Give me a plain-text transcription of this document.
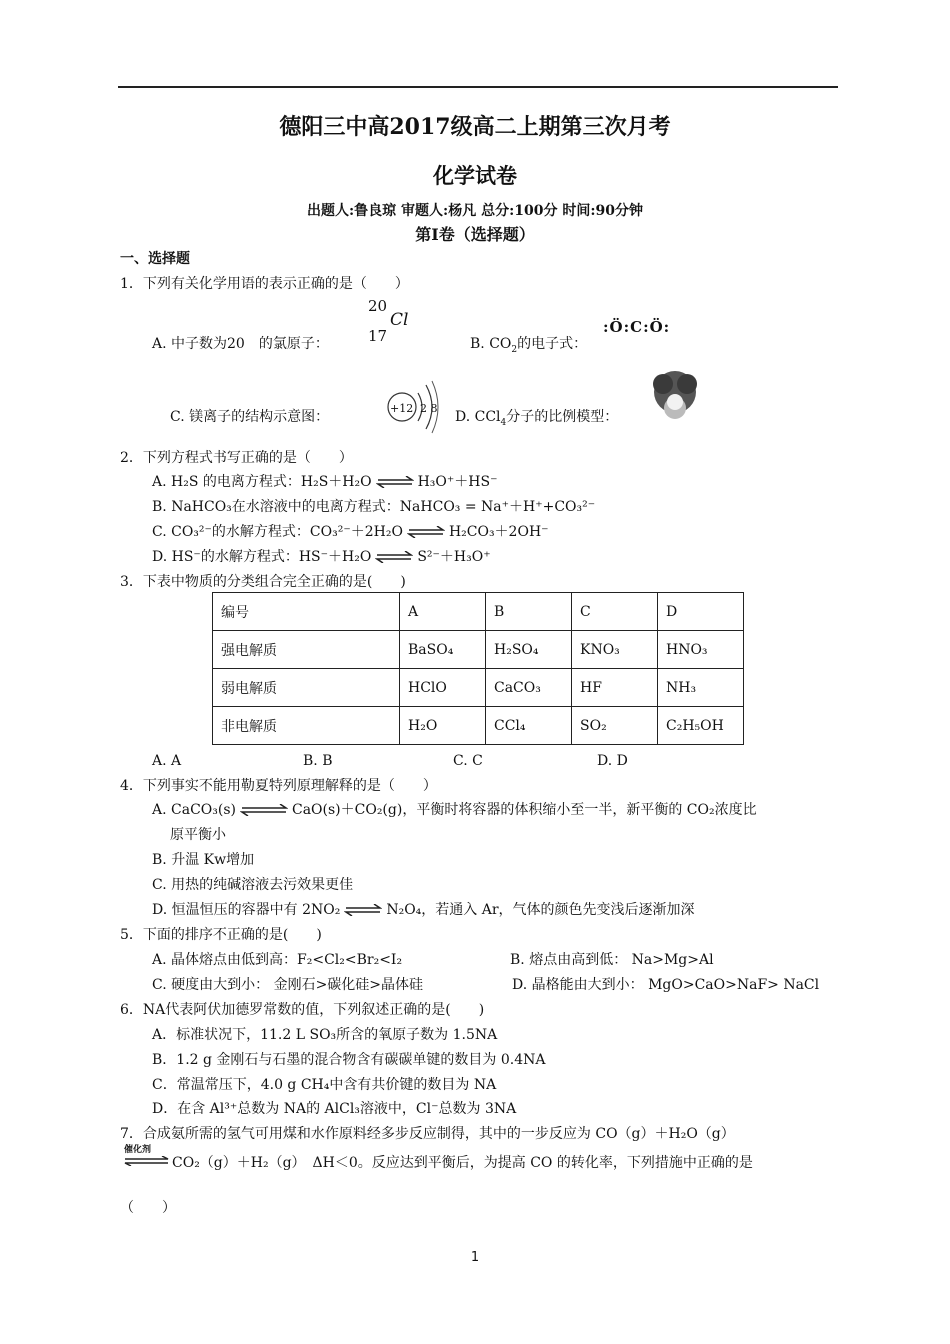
德阳三中高2017级高二上期第三次月考
化学试卷
出题人:鲁良琼 审题人:杨凡 总分:100分 时间:90分钟
第Ⅰ卷（选择题）
一、选择题
1．下列有关化学用语的表示正确的是（　　）
20
Cl
17
A. 中子数为20　的氯原子：	B. $CO_2$的电子式：
:Ö:C:Ö:
C. 镁离子的结构示意图：
+12 2 8
D. CCl$_4$分子的比例模型：
2．下列方程式书写正确的是（　　）
A. H₂S 的电离方程式：H₂S＋H₂O ⇌ H₃O⁺＋HS⁻
B. NaHCO₃在水溶液中的电离方程式：NaHCO₃ = Na⁺＋H⁺+CO₃²⁻
C. CO₃²⁻的水解方程式：CO₃²⁻＋2H₂O ⇌ H₂CO₃＋2OH⁻
D. HS⁻的水解方程式：HS⁻＋H₂O ⇌ S²⁻＋H₃O⁺
3．下表中物质的分类组合完全正确的是(　　)
编号	A	B	C	D
强电解质	BaSO₄	H₂SO₄	KNO₃	HNO₃
弱电解质	HClO	CaCO₃	HF	NH₃
非电解质	H₂O	CCl₄	SO₂	C₂H₅OH
A. A	B. B	C. C	D. D
4．下列事实不能用勒夏特列原理解释的是（　　）
A. CaCO₃(s) ⇌ CaO(s)＋CO₂(g)，平衡时将容器的体积缩小至一半，新平衡的 CO₂浓度比
原平衡小
B. 升温 Kw增加
C. 用热的纯碱溶液去污效果更佳
D. 恒温恒压的容器中有 2NO₂ ⇌ N₂O₄，若通入 Ar，气体的颜色先变浅后逐渐加深
5．下面的排序不正确的是(　　)
A. 晶体熔点由低到高：F₂<Cl₂<Br₂<I₂	B. 熔点由高到低： Na>Mg>Al
C. 硬度由大到小： 金刚石>碳化硅>晶体硅	D. 晶格能由大到小： MgO>CaO>NaF> NaCl
6．NA代表阿伏加德罗常数的值，下列叙述正确的是(　　)
A．标准状况下，11.2 L SO₃所含的氧原子数为 1.5NA
B．1.2 g 金刚石与石墨的混合物含有碳碳单键的数目为 0.4NA
C．常温常压下，4.0 g CH₄中含有共价键的数目为 NA
D．在含 Al³⁺总数为 NA的 AlCl₃溶液中，Cl⁻总数为 3NA
7．合成氨所需的氢气可用煤和水作原料经多步反应制得，其中的一步反应为 CO（g）＋H₂O（g）
催化剂
CO₂（g）＋H₂（g）　ΔH＜0。反应达到平衡后，为提高 CO 的转化率，下列措施中正确的是
（　　）
1
